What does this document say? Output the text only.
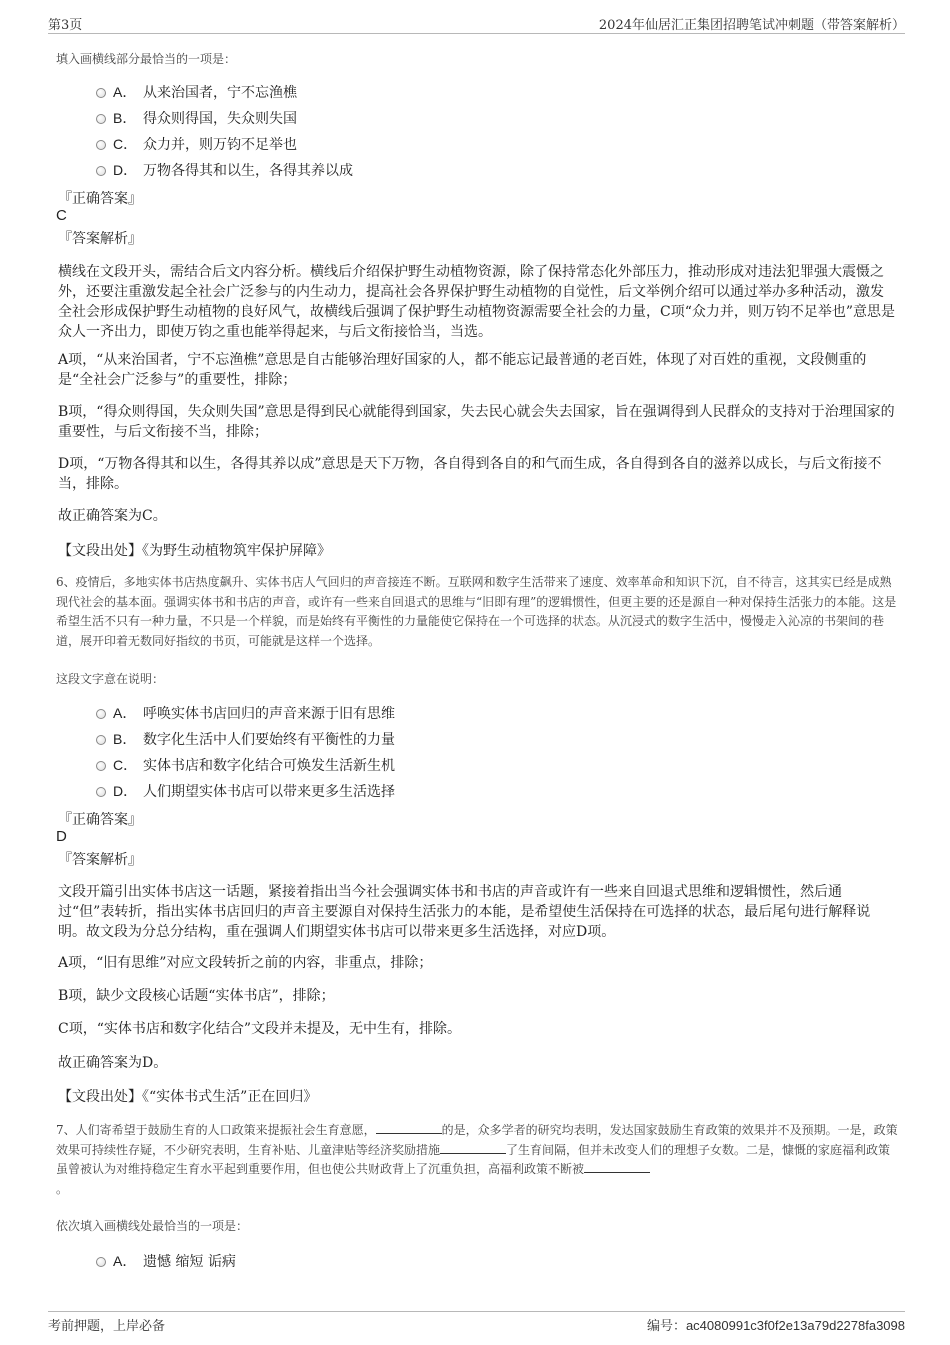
第3页	2024年仙居汇正集团招聘笔试冲刺题（带答案解析）
填入画横线部分最恰当的一项是：
A． 从来治国者，宁不忘渔樵
B． 得众则得国，失众则失国
C． 众力并，则万钧不足举也
D． 万物各得其和以生，各得其养以成
『正确答案』
C
『答案解析』
横线在文段开头，需结合后文内容分析。横线后介绍保护野生动植物资源，除了保持常态化外部压力，推动形成对违法犯罪强大震慑之外，还要注重激发起全社会广泛参与的内生动力，提高社会各界保护野生动植物的自觉性，后文举例介绍可以通过举办多种活动，激发全社会形成保护野生动植物的良好风气，故横线后强调了保护野生动植物资源需要全社会的力量，C项“众力并，则万钧不足举也”意思是众人一齐出力，即使万钧之重也能举得起来，与后文衔接恰当，当选。
A项，“从来治国者，宁不忘渔樵”意思是自古能够治理好国家的人，都不能忘记最普通的老百姓，体现了对百姓的重视，文段侧重的是“全社会广泛参与”的重要性，排除；
B项，“得众则得国，失众则失国”意思是得到民心就能得到国家，失去民心就会失去国家，旨在强调得到人民群众的支持对于治理国家的重要性，与后文衔接不当，排除；
D项，“万物各得其和以生，各得其养以成”意思是天下万物，各自得到各自的和气而生成，各自得到各自的滋养以成长，与后文衔接不当，排除。
故正确答案为C。
【文段出处】《为野生动植物筑牢保护屏障》
6、疫情后，多地实体书店热度飙升、实体书店人气回归的声音接连不断。互联网和数字生活带来了速度、效率革命和知识下沉，自不待言，这其实已经是成熟现代社会的基本面。强调实体书和书店的声音，或许有一些来自回退式的思维与“旧即有理”的逻辑惯性，但更主要的还是源自一种对保持生活张力的本能。这是希望生活不只有一种力量，不只是一个样貌，而是始终有平衡性的力量能使它保持在一个可选择的状态。从沉浸式的数字生活中，慢慢走入沁凉的书架间的巷道，展开印着无数同好指纹的书页，可能就是这样一个选择。
这段文字意在说明：
A． 呼唤实体书店回归的声音来源于旧有思维
B． 数字化生活中人们要始终有平衡性的力量
C． 实体书店和数字化结合可焕发生活新生机
D． 人们期望实体书店可以带来更多生活选择
『正确答案』
D
『答案解析』
文段开篇引出实体书店这一话题，紧接着指出当今社会强调实体书和书店的声音或许有一些来自回退式思维和逻辑惯性，然后通过“但”表转折，指出实体书店回归的声音主要源自对保持生活张力的本能，是希望使生活保持在可选择的状态，最后尾句进行解释说明。故文段为分总分结构，重在强调人们期望实体书店可以带来更多生活选择，对应D项。
A项，“旧有思维”对应文段转折之前的内容，非重点，排除；
B项，缺少文段核心话题“实体书店”，排除；
C项，“实体书店和数字化结合”文段并未提及，无中生有，排除。
故正确答案为D。
【文段出处】《“实体书式生活”正在回归》
7、人们寄希望于鼓励生育的人口政策来提振社会生育意愿，	的是，众多学者的研究均表明，发达国家鼓励生育政策的效果并不及预期。一是，政策效果可持续性存疑，不少研究表明，生育补贴、儿童津贴等经济奖励措施	了生育间隔，但并未改变人们的理想子女数。二是，慷慨的家庭福利政策虽曾被认为对维持稳定生育水平起到重要作用，但也使公共财政背上了沉重负担，高福利政策不断被
。
依次填入画横线处最恰当的一项是：
A． 遗憾 缩短 诟病
考前押题，上岸必备	编号：ac4080991c3f0f2e13a79d2278fa3098
